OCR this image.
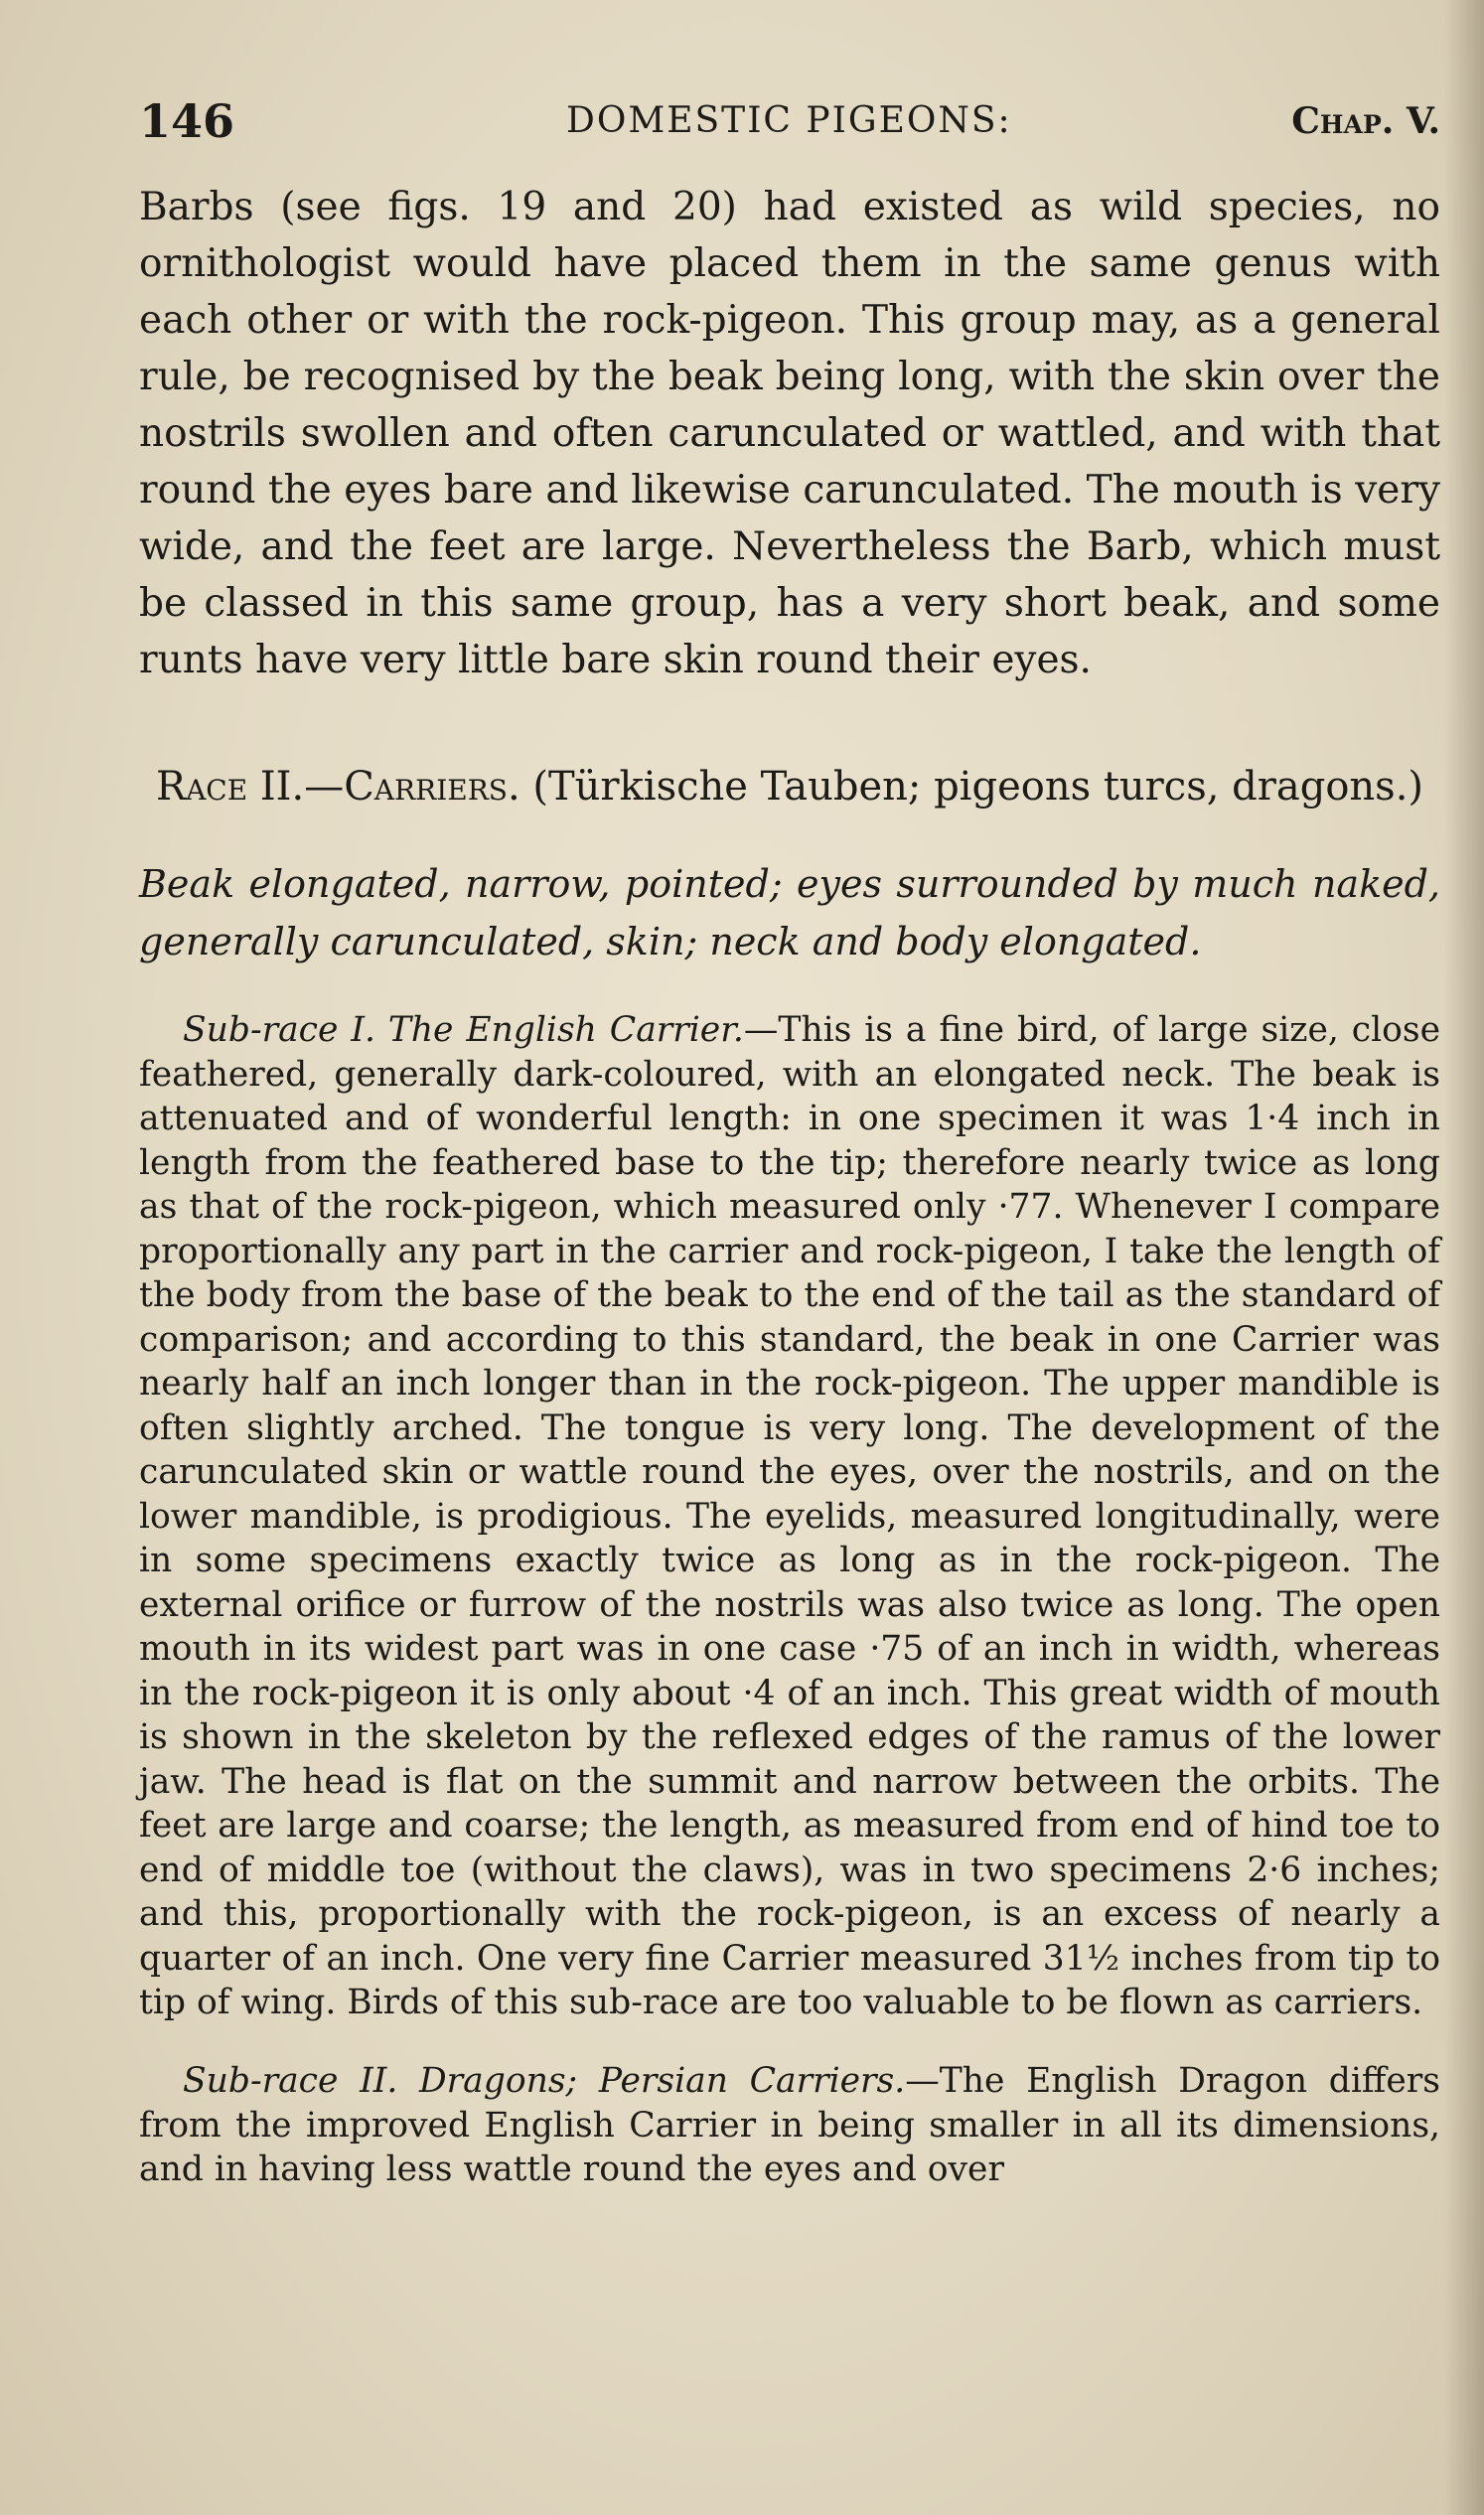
146	DOMESTIC PIGEONS:	Chap. V.

Barbs (see figs. 19 and 20) had existed as wild species, no ornithologist would have placed them in the same genus with each other or with the rock-pigeon. This group may, as a general rule, be recognised by the beak being long, with the skin over the nostrils swollen and often carunculated or wattled, and with that round the eyes bare and likewise carunculated. The mouth is very wide, and the feet are large. Nevertheless the Barb, which must be classed in this same group, has a very short beak, and some runts have very little bare skin round their eyes.

Race II.—Carriers. (Türkische Tauben; pigeons turcs, dragons.)

Beak elongated, narrow, pointed; eyes surrounded by much naked, generally carunculated, skin; neck and body elongated.

Sub-race I. The English Carrier.—This is a fine bird, of large size, close feathered, generally dark-coloured, with an elongated neck. The beak is attenuated and of wonderful length: in one specimen it was 1·4 inch in length from the feathered base to the tip; therefore nearly twice as long as that of the rock-pigeon, which measured only ·77. Whenever I compare proportionally any part in the carrier and rock-pigeon, I take the length of the body from the base of the beak to the end of the tail as the standard of comparison; and according to this standard, the beak in one Carrier was nearly half an inch longer than in the rock-pigeon. The upper mandible is often slightly arched. The tongue is very long. The development of the carunculated skin or wattle round the eyes, over the nostrils, and on the lower mandible, is prodigious. The eyelids, measured longitudinally, were in some specimens exactly twice as long as in the rock-pigeon. The external orifice or furrow of the nostrils was also twice as long. The open mouth in its widest part was in one case ·75 of an inch in width, whereas in the rock-pigeon it is only about ·4 of an inch. This great width of mouth is shown in the skeleton by the reflexed edges of the ramus of the lower jaw. The head is flat on the summit and narrow between the orbits. The feet are large and coarse; the length, as measured from end of hind toe to end of middle toe (without the claws), was in two specimens 2·6 inches; and this, proportionally with the rock-pigeon, is an excess of nearly a quarter of an inch. One very fine Carrier measured 31½ inches from tip to tip of wing. Birds of this sub-race are too valuable to be flown as carriers.

Sub-race II. Dragons; Persian Carriers.—The English Dragon differs from the improved English Carrier in being smaller in all its dimensions, and in having less wattle round the eyes and over
